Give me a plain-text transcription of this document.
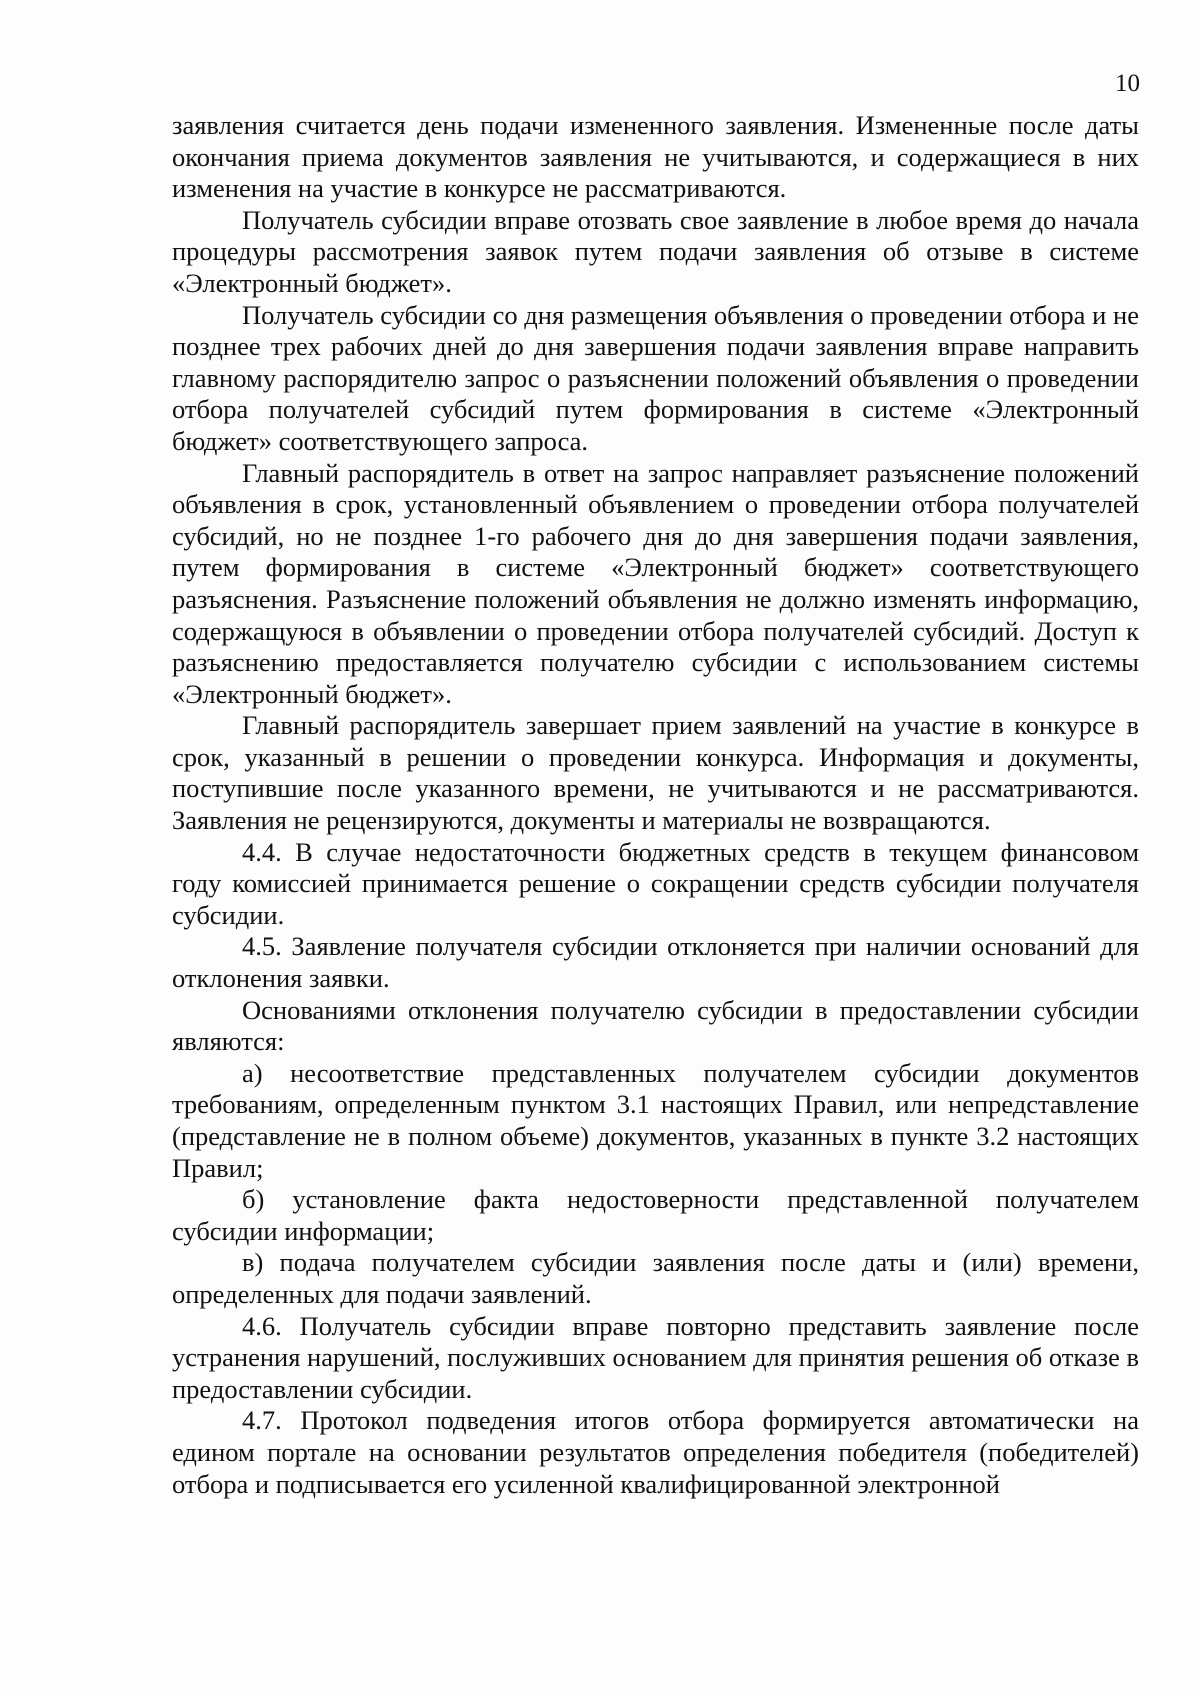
10

заявления считается день подачи измененного заявления. Измененные после даты окончания приема документов заявления не учитываются, и содержащиеся в них изменения на участие в конкурсе не рассматриваются.

Получатель субсидии вправе отозвать свое заявление в любое время до начала процедуры рассмотрения заявок путем подачи заявления об отзыве в системе «Электронный бюджет».

Получатель субсидии со дня размещения объявления о проведении отбора и не позднее трех рабочих дней до дня завершения подачи заявления вправе направить главному распорядителю запрос о разъяснении положений объявления о проведении отбора получателей субсидий путем формирования в системе «Электронный бюджет» соответствующего запроса.

Главный распорядитель в ответ на запрос направляет разъяснение положений объявления в срок, установленный объявлением о проведении отбора получателей субсидий, но не позднее 1-го рабочего дня до дня завершения подачи заявления, путем формирования в системе «Электронный бюджет» соответствующего разъяснения. Разъяснение положений объявления не должно изменять информацию, содержащуюся в объявлении о проведении отбора получателей субсидий. Доступ к разъяснению предоставляется получателю субсидии с использованием системы «Электронный бюджет».

Главный распорядитель завершает прием заявлений на участие в конкурсе в срок, указанный в решении о проведении конкурса. Информация и документы, поступившие после указанного времени, не учитываются и не рассматриваются. Заявления не рецензируются, документы и материалы не возвращаются.

4.4. В случае недостаточности бюджетных средств в текущем финансовом году комиссией принимается решение о сокращении средств субсидии получателя субсидии.

4.5. Заявление получателя субсидии отклоняется при наличии оснований для отклонения заявки.

Основаниями отклонения получателю субсидии в предоставлении субсидии являются:

а) несоответствие представленных получателем субсидии документов требованиям, определенным пунктом 3.1 настоящих Правил, или непредставление (представление не в полном объеме) документов, указанных в пункте 3.2 настоящих Правил;

б) установление факта недостоверности представленной получателем субсидии информации;

в) подача получателем субсидии заявления после даты и (или) времени, определенных для подачи заявлений.

4.6. Получатель субсидии вправе повторно представить заявление после устранения нарушений, послуживших основанием для принятия решения об отказе в предоставлении субсидии.

4.7. Протокол подведения итогов отбора формируется автоматически на едином портале на основании результатов определения победителя (победителей) отбора и подписывается его усиленной квалифицированной электронной
